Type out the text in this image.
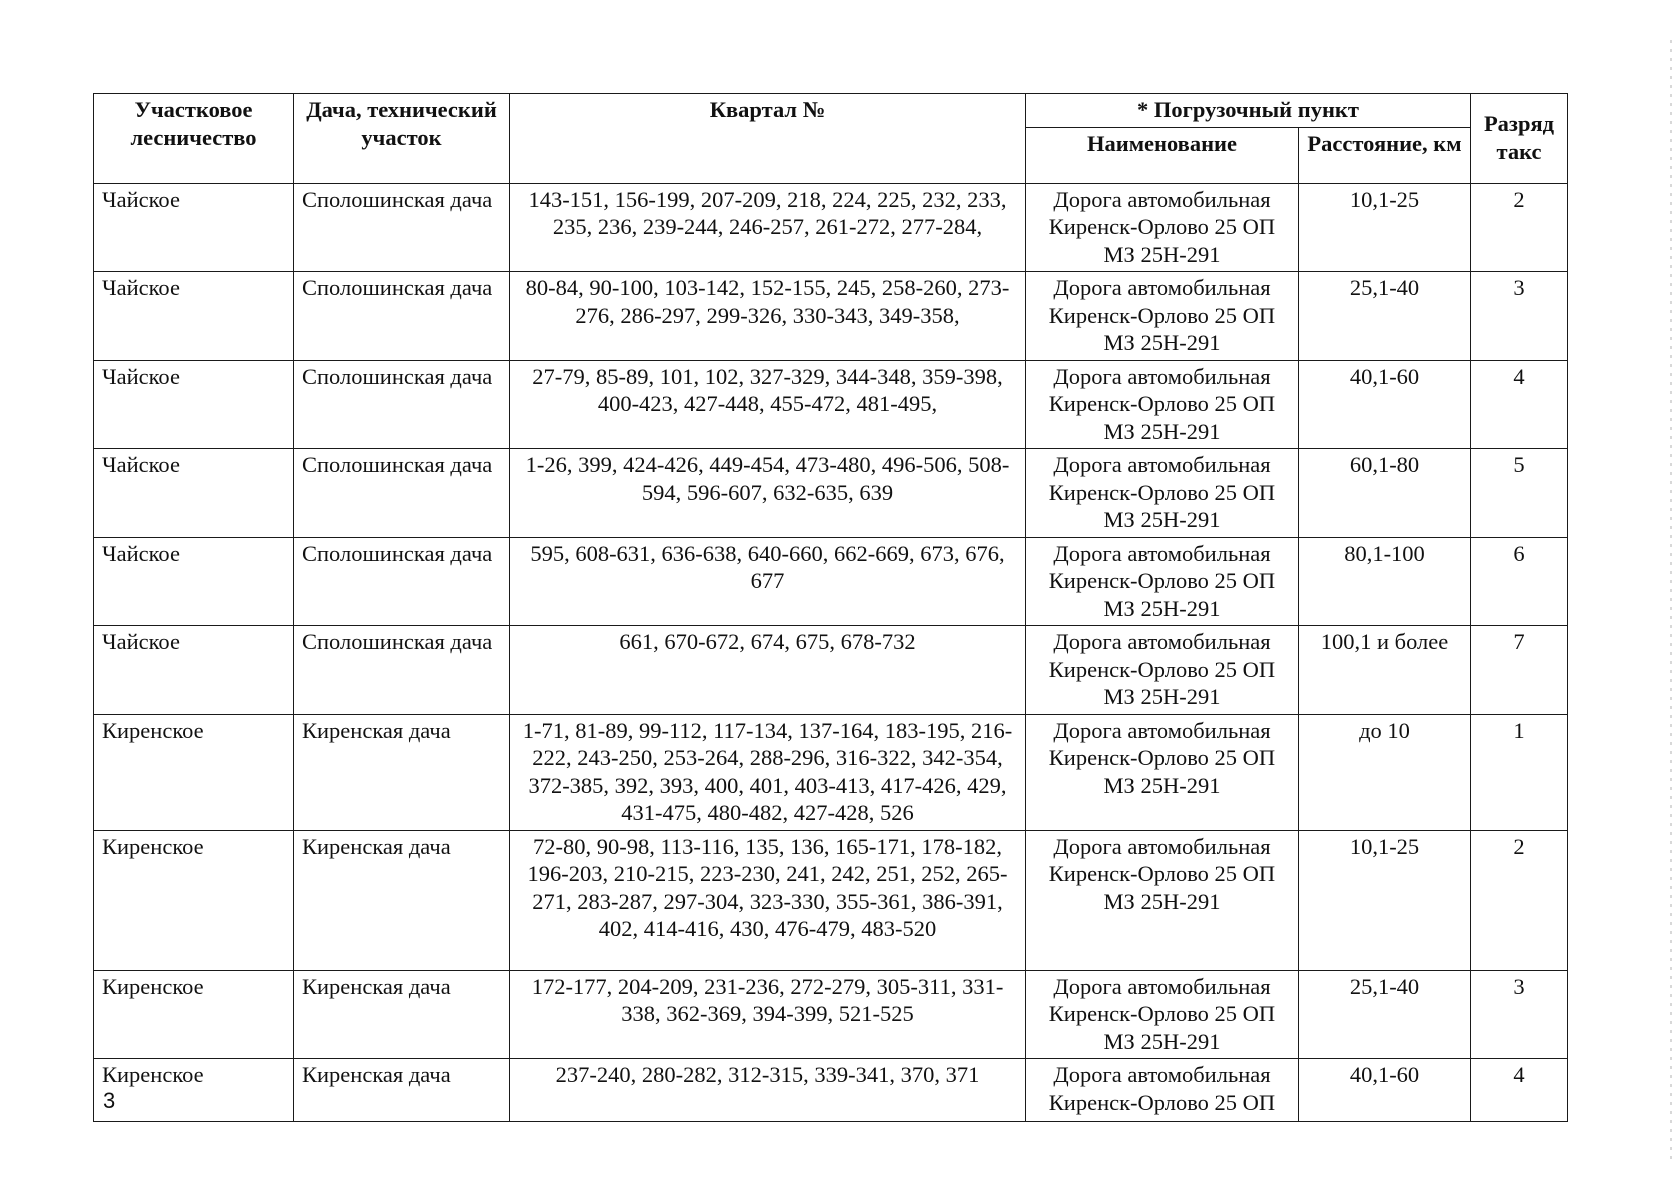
Участковое лесничество	Дача, технический участок	Квартал №	* Погрузочный пункт		Разряд такс
			Наименование	Расстояние, км	
Чайское	Сполошинская дача	143-151, 156-199, 207-209, 218, 224, 225, 232, 233, 235, 236, 239-244, 246-257, 261-272, 277-284,	Дорога автомобильная Киренск-Орлово 25 ОП МЗ 25Н-291	10,1-25	2
Чайское	Сполошинская дача	80-84, 90-100, 103-142, 152-155, 245, 258-260, 273-276, 286-297, 299-326, 330-343, 349-358,	Дорога автомобильная Киренск-Орлово 25 ОП МЗ 25Н-291	25,1-40	3
Чайское	Сполошинская дача	27-79, 85-89, 101, 102, 327-329, 344-348, 359-398, 400-423, 427-448, 455-472, 481-495,	Дорога автомобильная Киренск-Орлово 25 ОП МЗ 25Н-291	40,1-60	4
Чайское	Сполошинская дача	1-26, 399, 424-426, 449-454, 473-480, 496-506, 508-594, 596-607, 632-635, 639	Дорога автомобильная Киренск-Орлово 25 ОП МЗ 25Н-291	60,1-80	5
Чайское	Сполошинская дача	595, 608-631, 636-638, 640-660, 662-669, 673, 676, 677	Дорога автомобильная Киренск-Орлово 25 ОП МЗ 25Н-291	80,1-100	6
Чайское	Сполошинская дача	661, 670-672, 674, 675, 678-732	Дорога автомобильная Киренск-Орлово 25 ОП МЗ 25Н-291	100,1 и более	7
Киренское	Киренская дача	1-71, 81-89, 99-112, 117-134, 137-164, 183-195, 216-222, 243-250, 253-264, 288-296, 316-322, 342-354, 372-385, 392, 393, 400, 401, 403-413, 417-426, 429, 431-475, 480-482, 427-428, 526	Дорога автомобильная Киренск-Орлово 25 ОП МЗ 25Н-291	до 10	1
Киренское	Киренская дача	72-80, 90-98, 113-116, 135, 136, 165-171, 178-182, 196-203, 210-215, 223-230, 241, 242, 251, 252, 265-271, 283-287, 297-304, 323-330, 355-361, 386-391, 402, 414-416, 430, 476-479, 483-520	Дорога автомобильная Киренск-Орлово 25 ОП МЗ 25Н-291	10,1-25	2
Киренское	Киренская дача	172-177, 204-209, 231-236, 272-279, 305-311, 331-338, 362-369, 394-399, 521-525	Дорога автомобильная Киренск-Орлово 25 ОП МЗ 25Н-291	25,1-40	3
Киренское	Киренская дача	237-240, 280-282, 312-315, 339-341, 370, 371	Дорога автомобильная Киренск-Орлово 25 ОП	40,1-60	4
3
